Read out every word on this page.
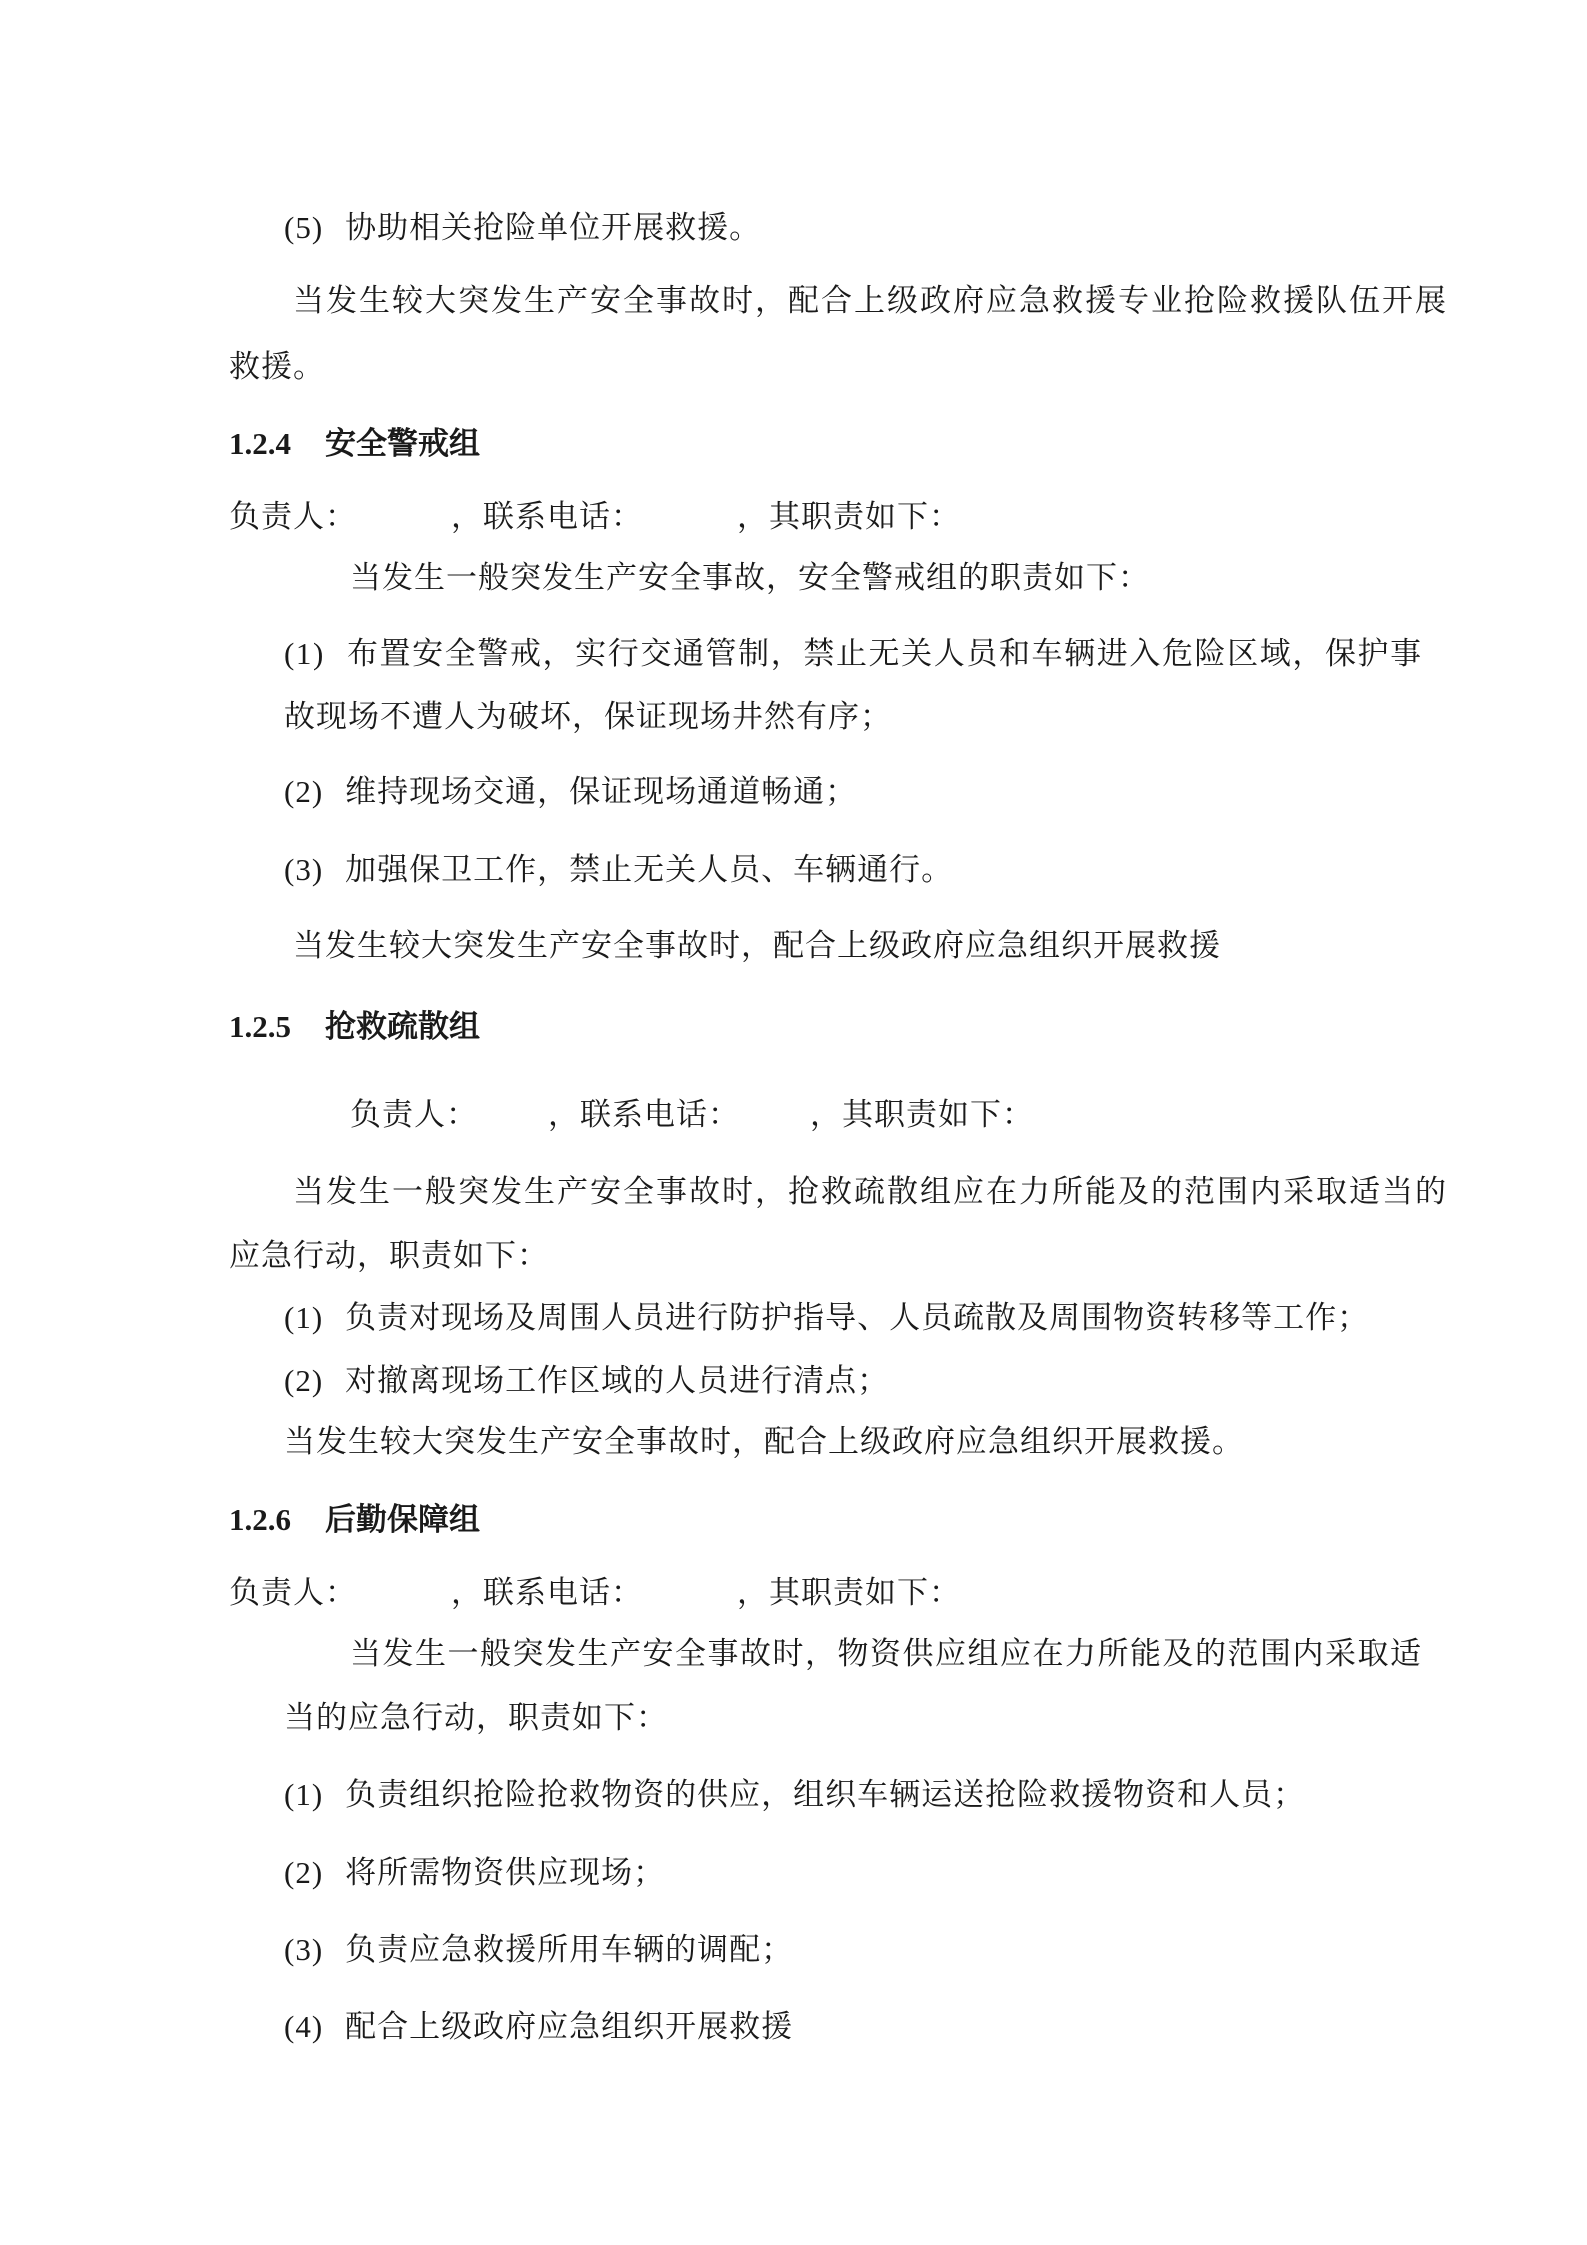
(5) 协助相关抢险单位开展救援。
当发生较大突发生产安全事故时，配合上级政府应急救援专业抢险救援队伍开展
救援。
1.2.4 安全警戒组
负责人：	，联系电话：	，其职责如下：
当发生一般突发生产安全事故，安全警戒组的职责如下：
(1) 布置安全警戒，实行交通管制，禁止无关人员和车辆进入危险区域，保护事
故现场不遭人为破坏，保证现场井然有序；
(2) 维持现场交通，保证现场通道畅通；
(3) 加强保卫工作，禁止无关人员、车辆通行。
当发生较大突发生产安全事故时，配合上级政府应急组织开展救援
1.2.5 抢救疏散组
负责人： ，联系电话： ，其职责如下：
当发生一般突发生产安全事故时，抢救疏散组应在力所能及的范围内采取适当的
应急行动，职责如下：
(1) 负责对现场及周围人员进行防护指导、人员疏散及周围物资转移等工作；
(2) 对撤离现场工作区域的人员进行清点；
当发生较大突发生产安全事故时，配合上级政府应急组织开展救援。
1.2.6 后勤保障组
负责人：	，联系电话：	，其职责如下：
当发生一般突发生产安全事故时，物资供应组应在力所能及的范围内采取适
当的应急行动，职责如下：
(1) 负责组织抢险抢救物资的供应，组织车辆运送抢险救援物资和人员；
(2) 将所需物资供应现场；
(3) 负责应急救援所用车辆的调配；
(4) 配合上级政府应急组织开展救援
